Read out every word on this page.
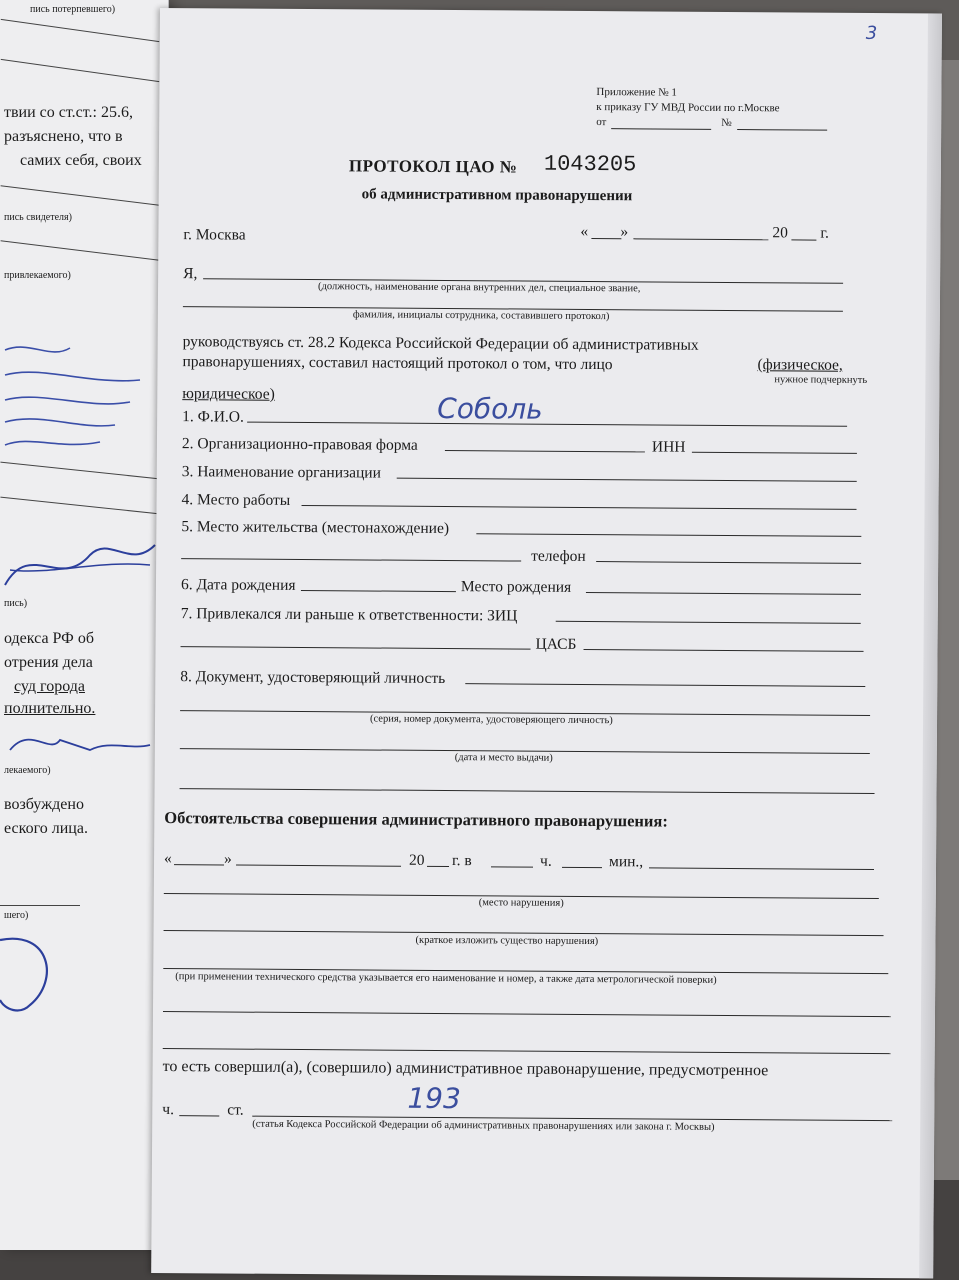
пись потерпевшего)
твии со ст.ст.: 25.6,
разъяснено, что в
самих себя, своих
пись свидетеля)
привлекаемого)
пись)
одекса РФ об
отрения дела
суд города
полнительно.
лекаемого)
возбуждено
еского лица.
шего)
3
Приложение № 1
к приказу ГУ МВД России по г.Москве
от	№
ПРОТОКОЛ ЦАО № 1043205
об административном правонарушении
г. Москва	« »	20 г.
Я,
(должность, наименование органа внутренних дел, специальное звание,
фамилия, инициалы сотрудника, составившего протокол)
руководствуясь ст. 28.2 Кодекса Российской Федерации об административных
правонарушениях, составил настоящий протокол о том, что лицо	(физическое,
нужное подчеркнуть
юридическое)
1. Ф.И.О.	Соболь
2. Организационно-правовая форма	ИНН
3. Наименование организации
4. Место работы
5. Место жительства (местонахождение)
телефон
6. Дата рождения	Место рождения
7. Привлекался ли раньше к ответственности: ЗИЦ
ЦАСБ
8. Документ, удостоверяющий личность
(серия, номер документа, удостоверяющего личность)
(дата и место выдачи)
Обстоятельства совершения административного правонарушения:
«	»	20 г. в	ч.	мин.,
(место нарушения)
(краткое изложить существо нарушения)
(при применении технического средства указывается его наименование и номер, а также дата метрологической поверки)
то есть совершил(а), (совершило) административное правонарушение, предусмотренное
ч.	ст.	193
(статья Кодекса Российской Федерации об административных правонарушениях или закона г. Москвы)
